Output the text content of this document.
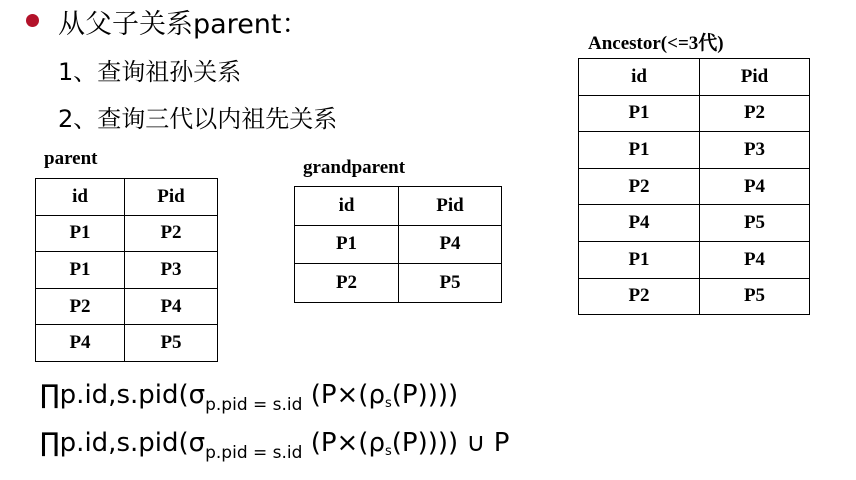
从父子关系parent：
1、查询祖孙关系
2、查询三代以内祖先关系
parent
id	Pid
P1	P2
P1	P3
P2	P4
P4	P5
grandparent
id	Pid
P1	P4
P2	P5
Ancestor(<=3代)
id	Pid
P1	P2
P1	P3
P2	P4
P4	P5
P1	P4
P2	P5
$\prod p.id,s.pid(\sigma_{p.pid = s.id}$ (P×(ρs(P))))
$\prod p.id,s.pid(\sigma_{p.pid = s.id}$ (P×(ρs(P)))) ∪ P
